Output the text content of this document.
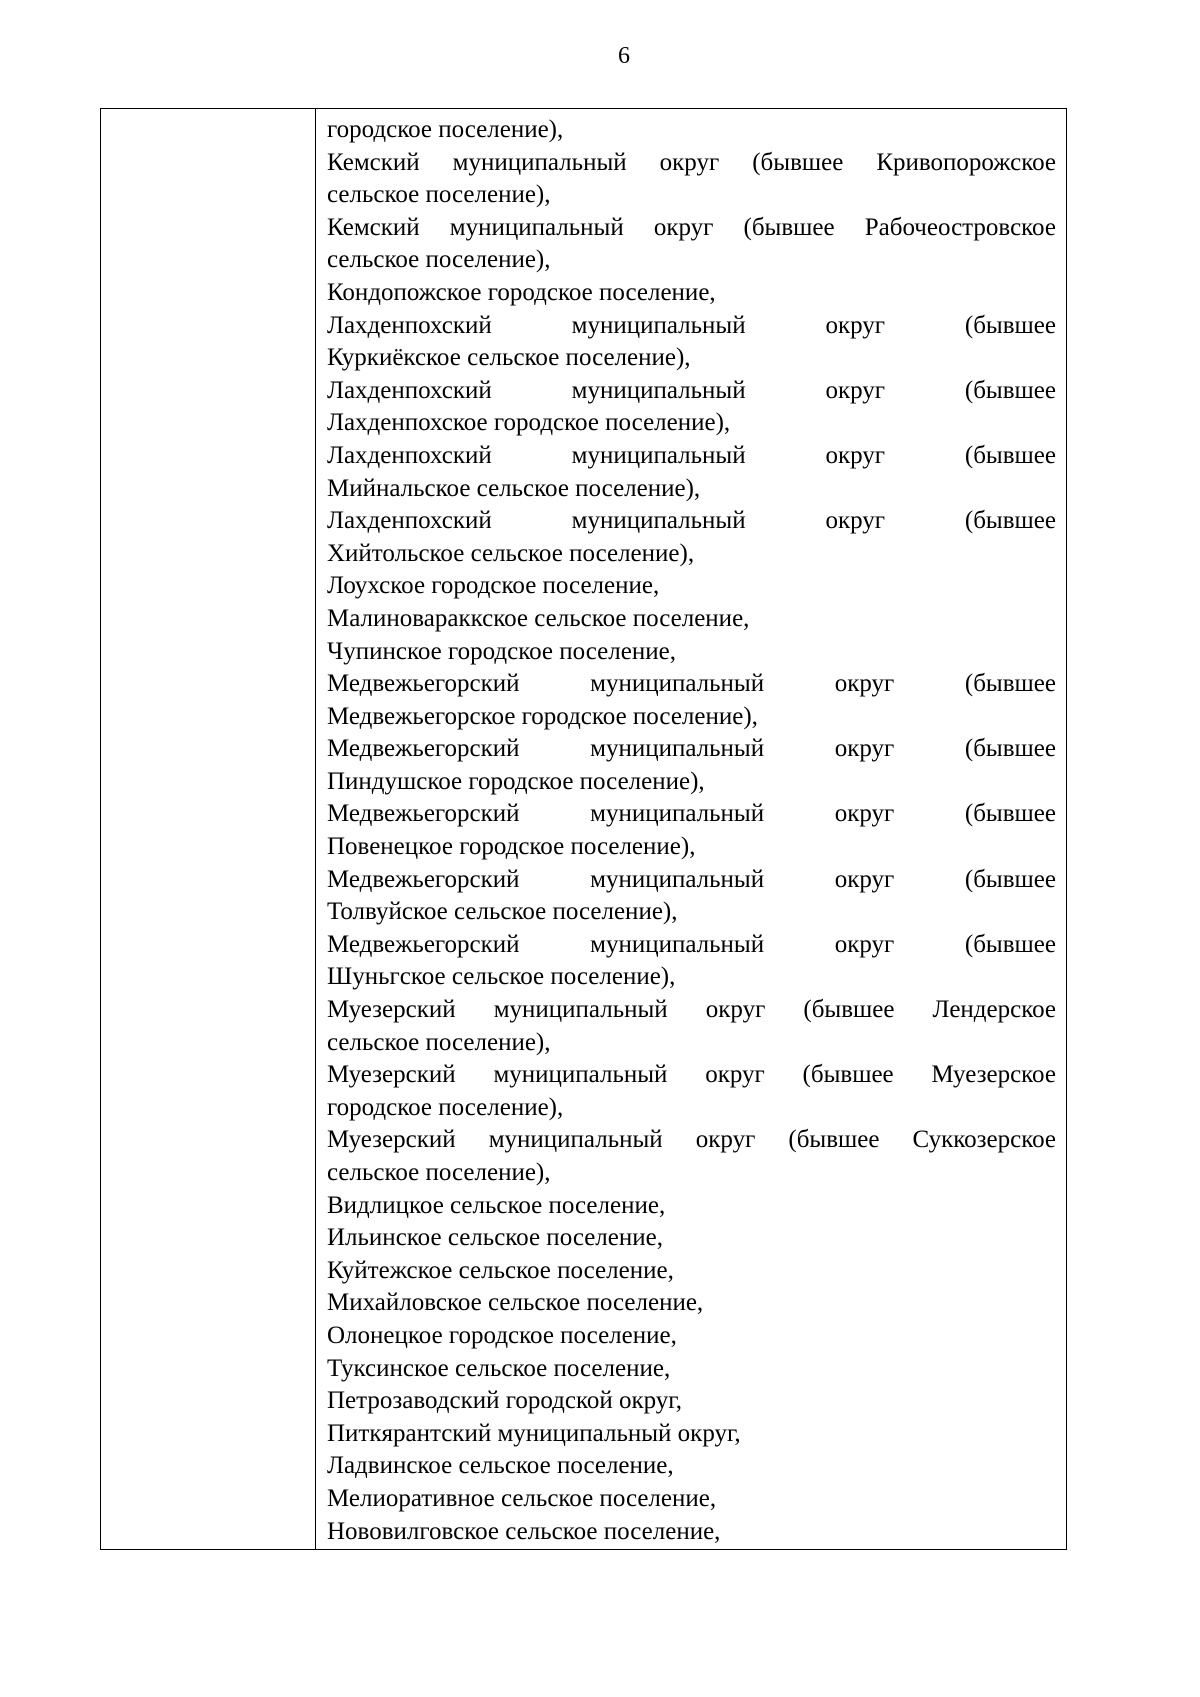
6
городское поселение),
Кемский муниципальный округ (бывшее Кривопорожское
сельское поселение),
Кемский муниципальный округ (бывшее Рабочеостровское
сельское поселение),
Кондопожское городское поселение,
Лахденпохский	муниципальный	округ	(бывшее
Куркиёкское сельское поселение),
Лахденпохский	муниципальный	округ	(бывшее
Лахденпохское городское поселение),
Лахденпохский	муниципальный	округ	(бывшее
Мийнальское сельское поселение),
Лахденпохский	муниципальный	округ	(бывшее
Хийтольское сельское поселение),
Лоухское городское поселение,
Малиновараккское сельское поселение,
Чупинское городское поселение,
Медвежьегорский	муниципальный	округ	(бывшее
Медвежьегорское городское поселение),
Медвежьегорский	муниципальный	округ	(бывшее
Пиндушское городское поселение),
Медвежьегорский	муниципальный	округ	(бывшее
Повенецкое городское поселение),
Медвежьегорский	муниципальный	округ	(бывшее
Толвуйское сельское поселение),
Медвежьегорский	муниципальный	округ	(бывшее
Шуньгское сельское поселение),
Муезерский муниципальный округ (бывшее Лендерское
сельское поселение),
Муезерский муниципальный округ (бывшее Муезерское
городское поселение),
Муезерский муниципальный округ (бывшее Суккозерское
сельское поселение),
Видлицкое сельское поселение,
Ильинское сельское поселение,
Куйтежское сельское поселение,
Михайловское сельское поселение,
Олонецкое городское поселение,
Туксинское сельское поселение,
Петрозаводский городской округ,
Питкярантский муниципальный округ,
Ладвинское сельское поселение,
Мелиоративное сельское поселение,
Нововилговское сельское поселение,
